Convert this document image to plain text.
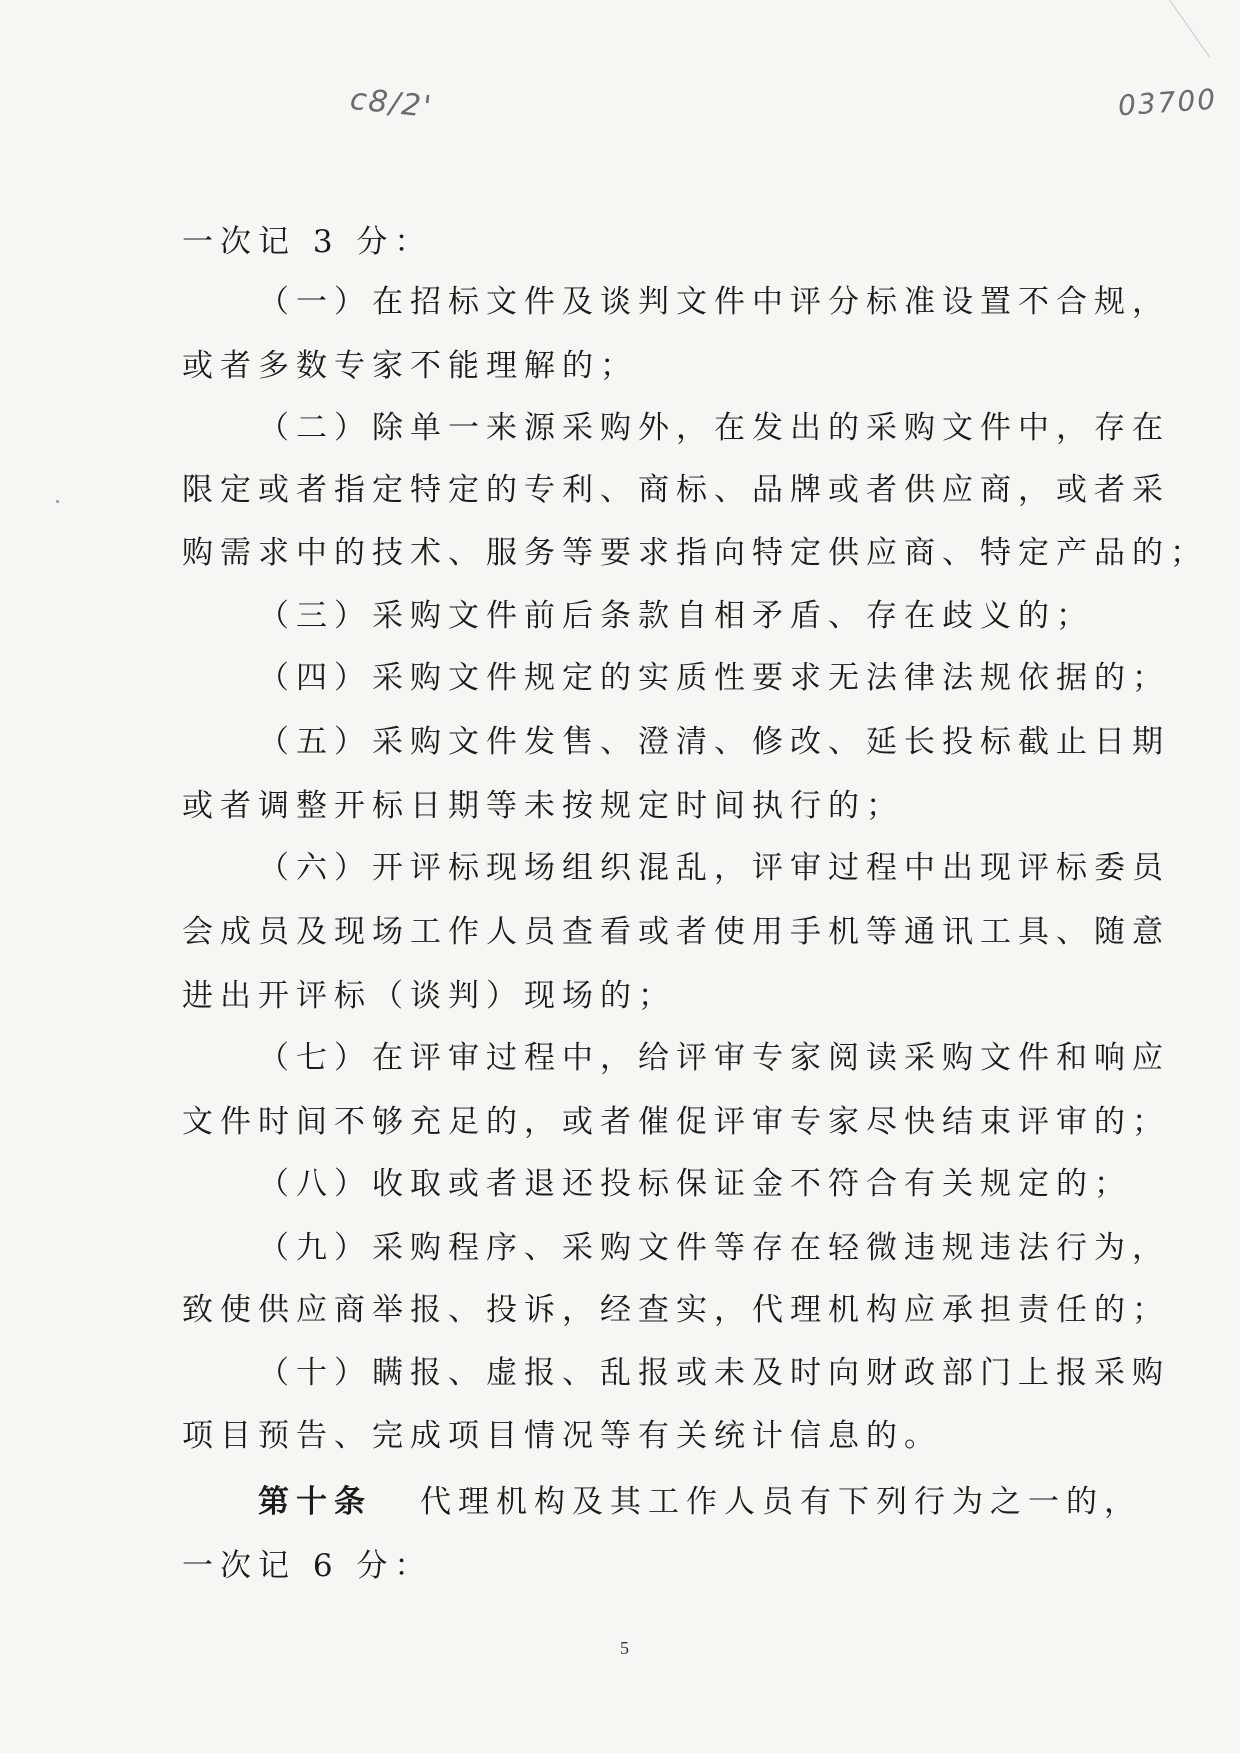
c8/2'	03700
一次记 3 分：
（一）在招标文件及谈判文件中评分标准设置不合规，
或者多数专家不能理解的；
（二）除单一来源采购外，在发出的采购文件中，存在
限定或者指定特定的专利、商标、品牌或者供应商，或者采
购需求中的技术、服务等要求指向特定供应商、特定产品的；
（三）采购文件前后条款自相矛盾、存在歧义的；
（四）采购文件规定的实质性要求无法律法规依据的；
（五）采购文件发售、澄清、修改、延长投标截止日期
或者调整开标日期等未按规定时间执行的；
（六）开评标现场组织混乱，评审过程中出现评标委员
会成员及现场工作人员查看或者使用手机等通讯工具、随意
进出开评标（谈判）现场的；
（七）在评审过程中，给评审专家阅读采购文件和响应
文件时间不够充足的，或者催促评审专家尽快结束评审的；
（八）收取或者退还投标保证金不符合有关规定的；
（九）采购程序、采购文件等存在轻微违规违法行为，
致使供应商举报、投诉，经查实，代理机构应承担责任的；
（十）瞒报、虚报、乱报或未及时向财政部门上报采购
项目预告、完成项目情况等有关统计信息的。
第十条 代理机构及其工作人员有下列行为之一的，
一次记 6 分：
5
